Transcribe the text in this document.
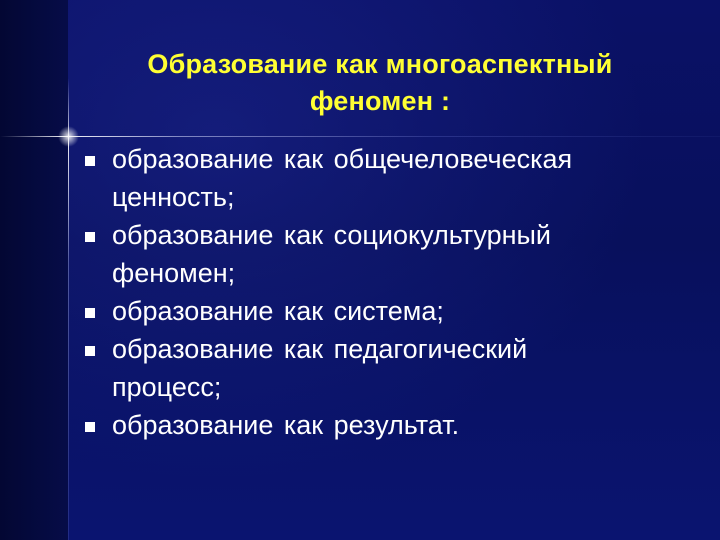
Образование как многоаспектный
феномен :
образование как общечеловеческая
ценность;
образование как социокультурный
феномен;
образование как система;
образование как педагогический
процесс;
образование как результат.
